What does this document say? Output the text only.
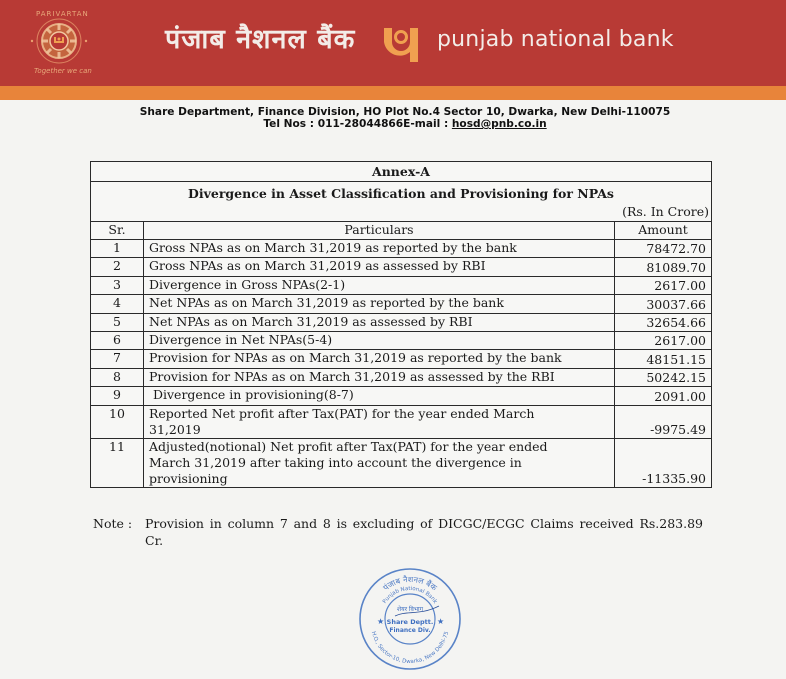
PARIVARTAN
Together we can
पंजाब नैशनल बैंक	punjab national bank
Share Department, Finance Division, HO Plot No.4 Sector 10, Dwarka, New Delhi-110075
Tel Nos : 011-28044866E-mail : hosd@pnb.co.in
Annex-A		
Divergence in Asset Classification and Provisioning for NPAs		
(Rs. In Crore)		
Sr.	Particulars	Amount
1	Gross NPAs as on March 31,2019 as reported by the bank	78472.70
2	Gross NPAs as on March 31,2019 as assessed by RBI	81089.70
3	Divergence in Gross NPAs(2-1)	2617.00
4	Net NPAs as on March 31,2019 as reported by the bank	30037.66
5	Net NPAs as on March 31,2019 as assessed by RBI	32654.66
6	Divergence in Net NPAs(5-4)	2617.00
7	Provision for NPAs as on March 31,2019 as reported by the bank	48151.15
8	Provision for NPAs as on March 31,2019 as assessed by the RBI	50242.15
9	Divergence in provisioning(8-7)	2091.00
10	Reported Net profit after Tax(PAT) for the year ended March 31,2019	-9975.49
11	Adjusted(notional) Net profit after Tax(PAT) for the year ended March 31,2019 after taking into account the divergence in provisioning	-11335.90
Note : Provision in column 7 and 8 is excluding of DICGC/ECGC Claims received Rs.283.89 Cr.
पंजाब नैशनल बैंक
Punjab National Bank
H.O., Sector-10, Dwarka, New Delhi-75
★	★
शेयर विभाग
Share Deptt.
Finance Div.
